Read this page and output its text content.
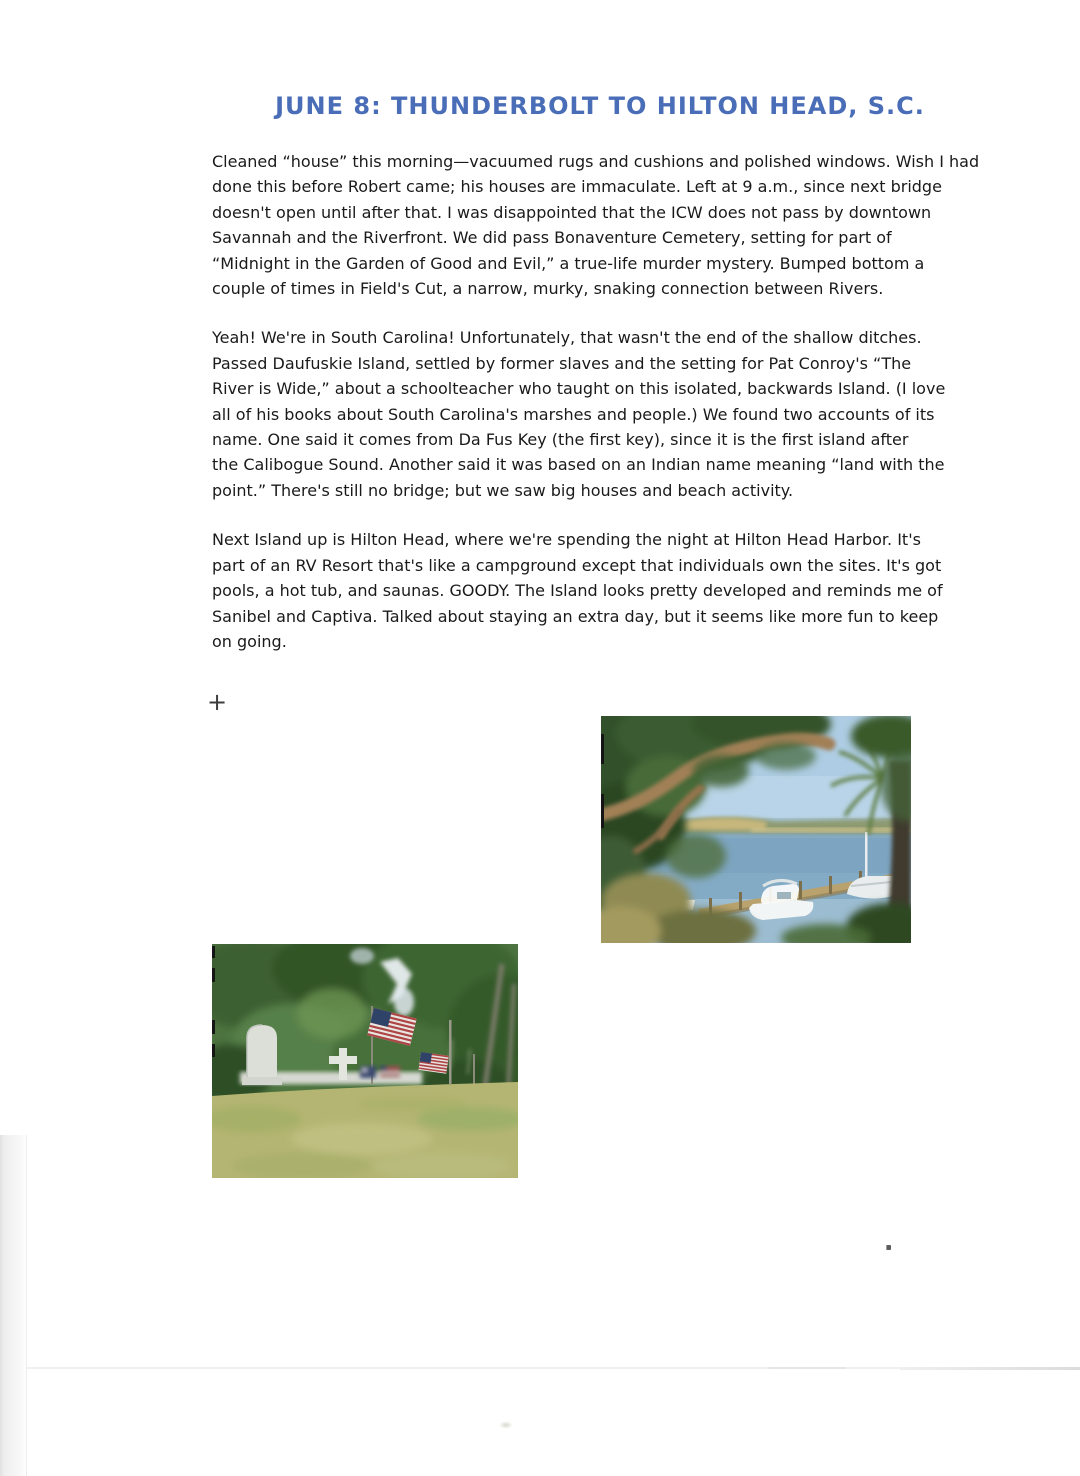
JUNE 8: THUNDERBOLT TO HILTON HEAD, S.C.
Cleaned “house” this morning—vacuumed rugs and cushions and polished windows. Wish I had
done this before Robert came; his houses are immaculate. Left at 9 a.m., since next bridge
doesn't open until after that. I was disappointed that the ICW does not pass by downtown
Savannah and the Riverfront. We did pass Bonaventure Cemetery, setting for part of
“Midnight in the Garden of Good and Evil,” a true-life murder mystery. Bumped bottom a
couple of times in Field's Cut, a narrow, murky, snaking connection between Rivers.
Yeah! We're in South Carolina! Unfortunately, that wasn't the end of the shallow ditches.
Passed Daufuskie Island, settled by former slaves and the setting for Pat Conroy's “The
River is Wide,” about a schoolteacher who taught on this isolated, backwards Island. (I love
all of his books about South Carolina's marshes and people.) We found two accounts of its
name. One said it comes from Da Fus Key (the first key), since it is the first island after
the Calibogue Sound. Another said it was based on an Indian name meaning “land with the
point.” There's still no bridge; but we saw big houses and beach activity.
Next Island up is Hilton Head, where we're spending the night at Hilton Head Harbor. It's
part of an RV Resort that's like a campground except that individuals own the sites. It's got
pools, a hot tub, and saunas. GOODY. The Island looks pretty developed and reminds me of
Sanibel and Captiva. Talked about staying an extra day, but it seems like more fun to keep
on going.
+
